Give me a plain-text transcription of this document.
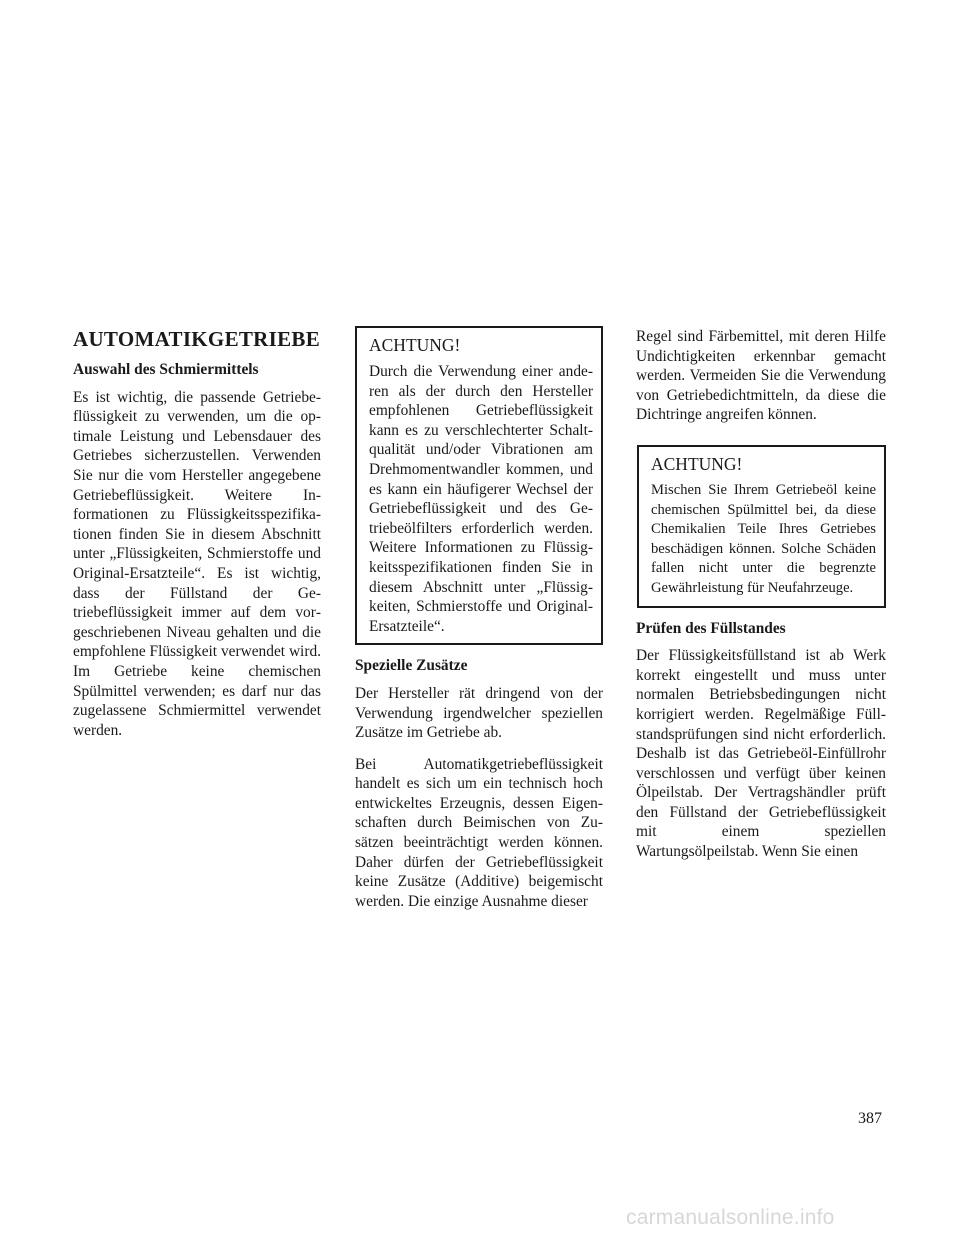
AUTOMATIKGETRIEBE
Auswahl des Schmiermittels

Es ist wichtig, die passende Getriebeflüssigkeit zu verwenden, um die optimale Leistung und Lebensdauer des Getriebes sicherzustellen. Verwenden Sie nur die vom Hersteller angegebene Getriebeflüssigkeit. Weitere Informationen zu Flüssigkeitsspezifikationen finden Sie in diesem Abschnitt unter „Flüssigkeiten, Schmierstoffe und Original-Ersatzteile“. Es ist wichtig, dass der Füllstand der Getriebeflüssigkeit immer auf dem vorgeschriebenen Niveau gehalten und die empfohlene Flüssigkeit verwendet wird. Im Getriebe keine chemischen Spülmittel verwenden; es darf nur das zugelassene Schmiermittel verwendet werden.

ACHTUNG!

Durch die Verwendung einer anderen als der durch den Hersteller empfohlenen Getriebeflüssigkeit kann es zu verschlechterter Schaltqualität und/oder Vibrationen am Drehmomentwandler kommen, und es kann ein häufigerer Wechsel der Getriebeflüssigkeit und des Getriebeölfilters erforderlich werden. Weitere Informationen zu Flüssigkeitsspezifikationen finden Sie in diesem Abschnitt unter „Flüssigkeiten, Schmierstoffe und Original-Ersatzteile“.

Spezielle Zusätze

Der Hersteller rät dringend von der Verwendung irgendwelcher speziellen Zusätze im Getriebe ab.

Bei Automatikgetriebeflüssigkeit handelt es sich um ein technisch hoch entwickeltes Erzeugnis, dessen Eigenschaften durch Beimischen von Zusätzen beeinträchtigt werden können. Daher dürfen der Getriebeflüssigkeit keine Zusätze (Additive) beigemischt werden. Die einzige Ausnahme dieser

Regel sind Färbemittel, mit deren Hilfe Undichtigkeiten erkennbar gemacht werden. Vermeiden Sie die Verwendung von Getriebedichtmitteln, da diese die Dichtringe angreifen können.

ACHTUNG!

Mischen Sie Ihrem Getriebeöl keine chemischen Spülmittel bei, da diese Chemikalien Teile Ihres Getriebes beschädigen können. Solche Schäden fallen nicht unter die begrenzte Gewährleistung für Neufahrzeuge.

Prüfen des Füllstandes

Der Flüssigkeitsfüllstand ist ab Werk korrekt eingestellt und muss unter normalen Betriebsbedingungen nicht korrigiert werden. Regelmäßige Füllstandsprüfungen sind nicht erforderlich. Deshalb ist das Getriebeöl-Einfüllrohr verschlossen und verfügt über keinen Ölpeilstab. Der Vertragshändler prüft den Füllstand der Getriebeflüssigkeit mit einem speziellen Wartungsölpeilstab. Wenn Sie einen

387
carmanualsonline.info
